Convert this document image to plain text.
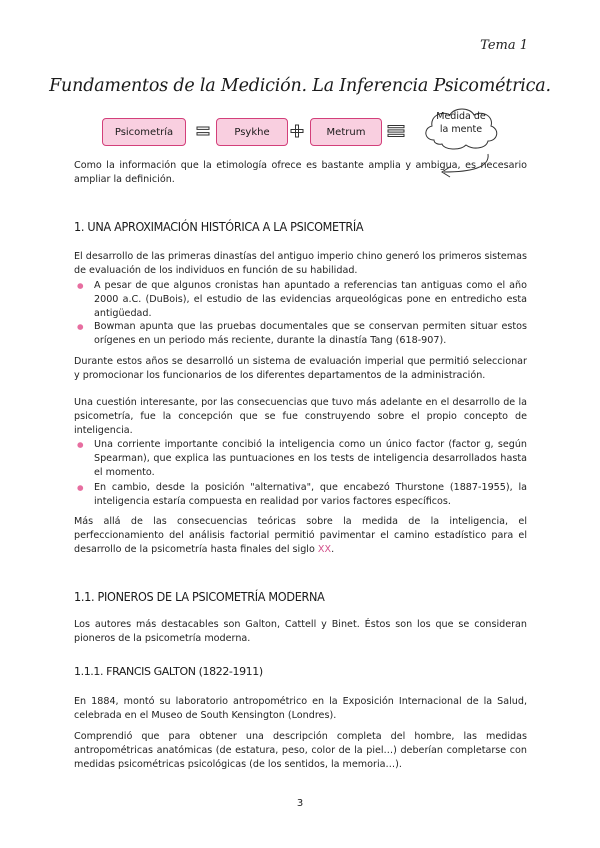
Tema 1
Fundamentos de la Medición. La Inferencia Psicométrica.
Psicometría	Psykhe	Metrum
Medida de
la mente

Como la información que la etimología ofrece es bastante amplia y ambigua, es necesario ampliar la definición.

1. UNA APROXIMACIÓN HISTÓRICA A LA PSICOMETRÍA

El desarrollo de las primeras dinastías del antiguo imperio chino generó los primeros sistemas de evaluación de los individuos en función de su habilidad.

● A pesar de que algunos cronistas han apuntado a referencias tan antiguas como el año 2000 a.C. (DuBois), el estudio de las evidencias arqueológicas pone en entredicho esta antigüedad.

● Bowman apunta que las pruebas documentales que se conservan permiten situar estos orígenes en un periodo más reciente, durante la dinastía Tang (618-907).

Durante estos años se desarrolló un sistema de evaluación imperial que permitió seleccionar y promocionar los funcionarios de los diferentes departamentos de la administración.

Una cuestión interesante, por las consecuencias que tuvo más adelante en el desarrollo de la psicometría, fue la concepción que se fue construyendo sobre el propio concepto de inteligencia.

● Una corriente importante concibió la inteligencia como un único factor (factor g, según Spearman), que explica las puntuaciones en los tests de inteligencia desarrollados hasta el momento.

● En cambio, desde la posición "alternativa", que encabezó Thurstone (1887-1955), la inteligencia estaría compuesta en realidad por varios factores específicos.

Más allá de las consecuencias teóricas sobre la medida de la inteligencia, el perfeccionamiento del análisis factorial permitió pavimentar el camino estadístico para el desarrollo de la psicometría hasta finales del siglo XX.

1.1. PIONEROS DE LA PSICOMETRÍA MODERNA

Los autores más destacables son Galton, Cattell y Binet. Éstos son los que se consideran pioneros de la psicometría moderna.

1.1.1. FRANCIS GALTON (1822-1911)

En 1884, montó su laboratorio antropométrico en la Exposición Internacional de la Salud, celebrada en el Museo de South Kensington (Londres).

Comprendió que para obtener una descripción completa del hombre, las medidas antropométricas anatómicas (de estatura, peso, color de la piel…) deberían completarse con medidas psicométricas psicológicas (de los sentidos, la memoria…).

3
